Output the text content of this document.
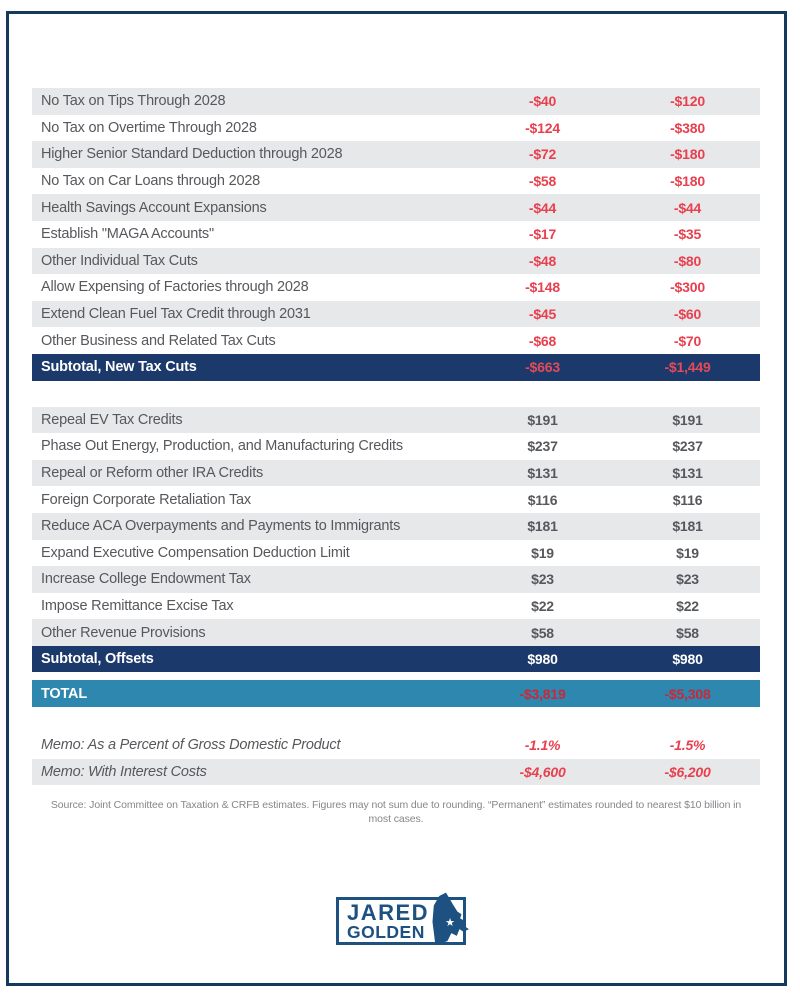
No Tax on Tips Through 2028	-$40	-$120
No Tax on Overtime Through 2028	-$124	-$380
Higher Senior Standard Deduction through 2028	-$72	-$180
No Tax on Car Loans through 2028	-$58	-$180
Health Savings Account Expansions	-$44	-$44
Establish "MAGA Accounts"	-$17	-$35
Other Individual Tax Cuts	-$48	-$80
Allow Expensing of Factories through 2028	-$148	-$300
Extend Clean Fuel Tax Credit through 2031	-$45	-$60
Other Business and Related Tax Cuts	-$68	-$70
Subtotal, New Tax Cuts	-$663	-$1,449
Repeal EV Tax Credits	$191	$191
Phase Out Energy, Production, and Manufacturing Credits	$237	$237
Repeal or Reform other IRA Credits	$131	$131
Foreign Corporate Retaliation Tax	$116	$116
Reduce ACA Overpayments and Payments to Immigrants	$181	$181
Expand Executive Compensation Deduction Limit	$19	$19
Increase College Endowment Tax	$23	$23
Impose Remittance Excise Tax	$22	$22
Other Revenue Provisions	$58	$58
Subtotal, Offsets	$980	$980
TOTAL	-$3,819	-$5,308
Memo: As a Percent of Gross Domestic Product	-1.1%	-1.5%
Memo: With Interest Costs	-$4,600	-$6,200
Source: Joint Committee on Taxation & CRFB estimates. Figures may not sum due to rounding. “Permanent” estimates rounded to nearest $10 billion in most cases.
JARED
GOLDEN	★
